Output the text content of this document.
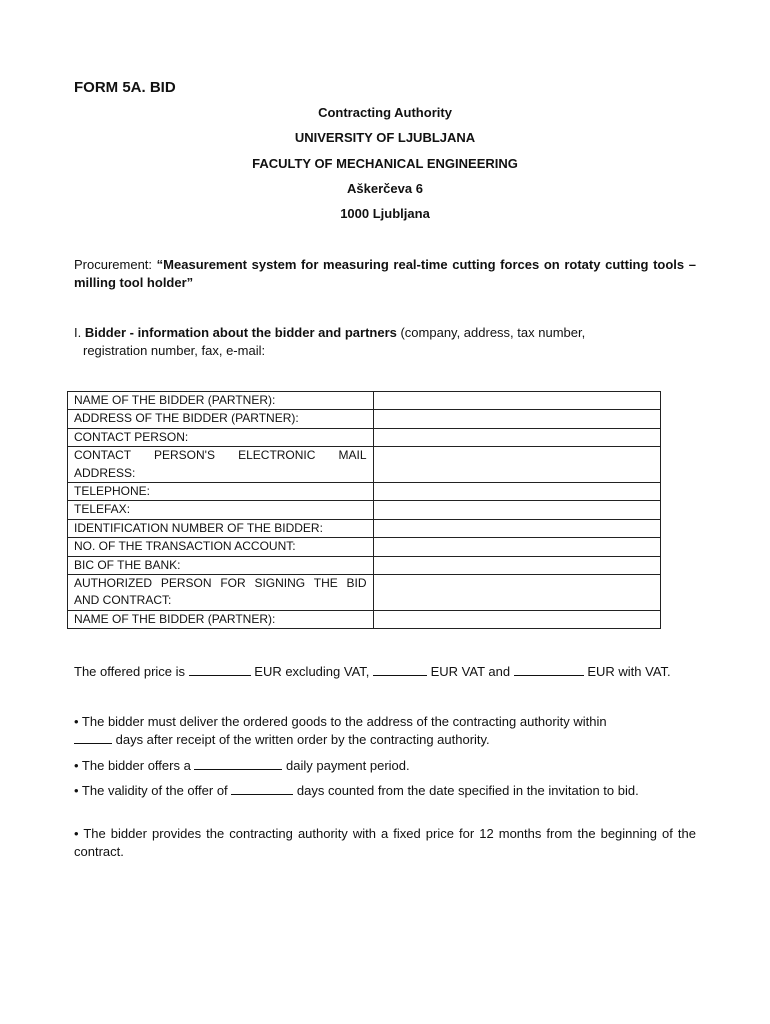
FORM 5A. BID
Contracting Authority
UNIVERSITY OF LJUBLJANA
FACULTY OF MECHANICAL ENGINEERING
Aškerčeva 6
1000 Ljubljana
Procurement: “Measurement system for measuring real-time cutting forces on rotaty cutting tools – milling tool holder”
I. Bidder - information about the bidder and partners (company, address, tax number,
registration number, fax, e-mail:
NAME OF THE BIDDER (PARTNER):	
ADDRESS OF THE BIDDER (PARTNER):	
CONTACT PERSON:	
CONTACT PERSON'S ELECTRONIC MAIL ADDRESS:	
TELEPHONE:	
TELEFAX:	
IDENTIFICATION NUMBER OF THE BIDDER:	
NO. OF THE TRANSACTION ACCOUNT:	
BIC OF THE BANK:	
AUTHORIZED PERSON FOR SIGNING THE BID AND CONTRACT:	
NAME OF THE BIDDER (PARTNER):	
The offered price is	EUR excluding VAT,	EUR VAT and	EUR with VAT.
• The bidder must deliver the ordered goods to the address of the contracting authority within
days after receipt of the written order by the contracting authority.
• The bidder offers a	daily payment period.
• The validity of the offer of	days counted from the date specified in the invitation to bid.
• The bidder provides the contracting authority with a fixed price for 12 months from the beginning of the contract.
